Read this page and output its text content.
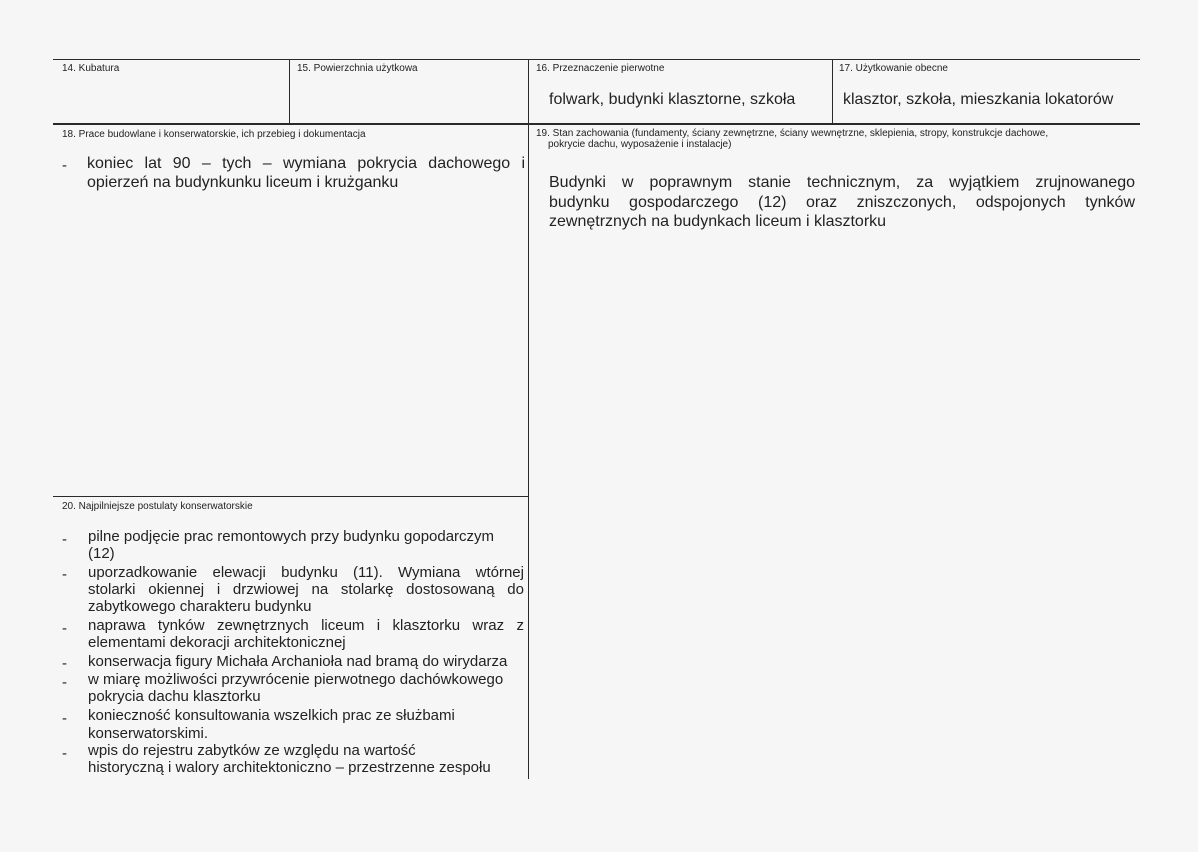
14. Kubatura	15. Powierzchnia użytkowa	16. Przeznaczenie pierwotne
folwark, budynki klasztorne, szkoła
17. Użytkowanie obecne
klasztor, szkoła, mieszkania lokatorów
18. Prace budowlane i konserwatorskie, ich przebieg i dokumentacja
- koniec lat 90 – tych – wymiana pokrycia dachowego i
opierzeń na budynkunku liceum i krużganku
19. Stan zachowania (fundamenty, ściany zewnętrzne, ściany wewnętrzne, sklepienia, stropy, konstrukcje dachowe,
pokrycie dachu, wyposażenie i instalacje)
Budynki w poprawnym stanie technicznym, za wyjątkiem zrujnowanego
budynku gospodarczego (12) oraz zniszczonych, odspojonych tynków
zewnętrznych na budynkach liceum i klasztorku
20. Najpilniejsze postulaty konserwatorskie
- pilne podjęcie prac remontowych przy budynku gopodarczym
(12)
- uporzadkowanie elewacji budynku (11). Wymiana wtórnej
stolarki okiennej i drzwiowej na stolarkę dostosowaną do
zabytkowego charakteru budynku
- naprawa tynków zewnętrznych liceum i klasztorku wraz z
elementami dekoracji architektonicznej
- konserwacja figury Michała Archanioła nad bramą do wirydarza
- w miarę możliwości przywrócenie pierwotnego dachówkowego
pokrycia dachu klasztorku
- konieczność konsultowania wszelkich prac ze służbami
konserwatorskimi.
- wpis do rejestru zabytków ze względu na wartość
historyczną i walory architektoniczno – przestrzenne zespołu
